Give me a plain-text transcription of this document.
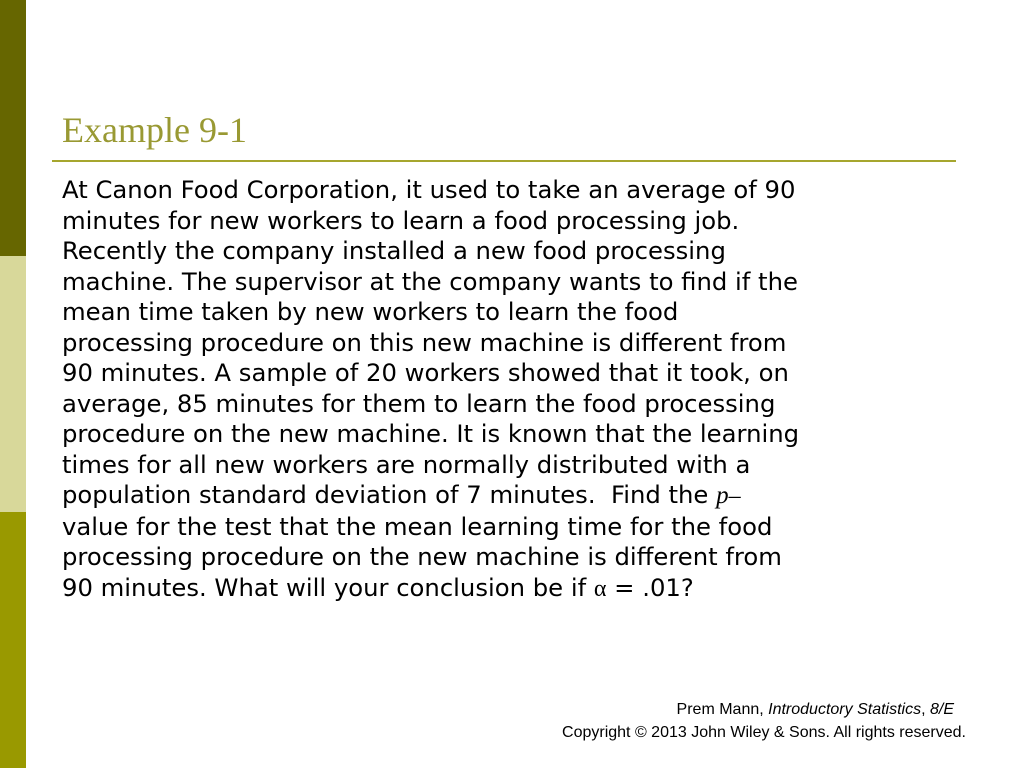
Example 9-1
At Canon Food Corporation, it used to take an average of 90
minutes for new workers to learn a food processing job.
Recently the company installed a new food processing
machine. The supervisor at the company wants to find if the
mean time taken by new workers to learn the food
processing procedure on this new machine is different from
90 minutes. A sample of 20 workers showed that it took, on
average, 85 minutes for them to learn the food processing
procedure on the new machine. It is known that the learning
times for all new workers are normally distributed with a
population standard deviation of 7 minutes.  Find the p–
value for the test that the mean learning time for the food
processing procedure on the new machine is different from
90 minutes. What will your conclusion be if α = .01?
Prem Mann, Introductory Statistics, 8/E
Copyright © 2013 John Wiley & Sons. All rights reserved.
